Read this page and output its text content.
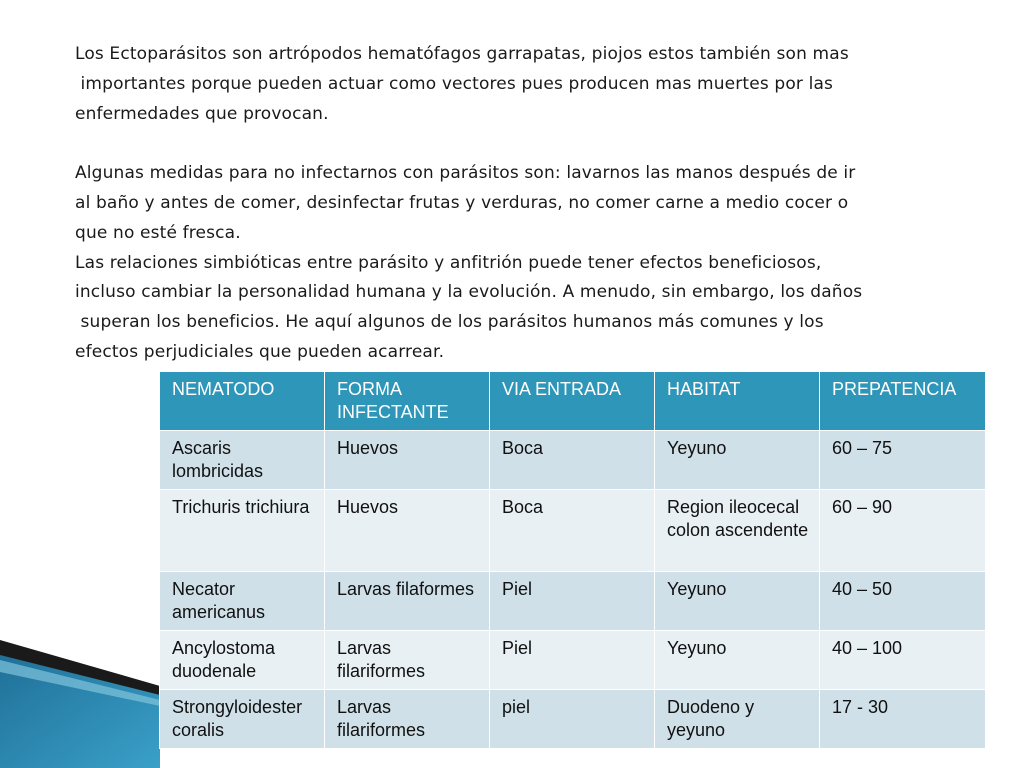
Los Ectoparásitos son artrópodos hematófagos garrapatas, piojos estos también son mas
importantes porque pueden actuar como vectores pues producen mas muertes por las
enfermedades que provocan.
Algunas medidas para no infectarnos con parásitos son: lavarnos las manos después de ir
al baño y antes de comer, desinfectar frutas y verduras, no comer carne a medio cocer o
que no esté fresca.
Las relaciones simbióticas entre parásito y anfitrión puede tener efectos beneficiosos,
incluso cambiar la personalidad humana y la evolución. A menudo, sin embargo, los daños
superan los beneficios. He aquí algunos de los parásitos humanos más comunes y los
efectos perjudiciales que pueden acarrear.
NEMATODO	FORMA INFECTANTE	VIA ENTRADA	HABITAT	PREPATENCIA
Ascaris lombricidas	Huevos	Boca	Yeyuno	60 – 75
Trichuris trichiura	Huevos	Boca	Region ileocecal colon ascendente	60 – 90
Necator americanus	Larvas filaformes	Piel	Yeyuno	40 – 50
Ancylostoma duodenale	Larvas filariformes	Piel	Yeyuno	40 – 100
Strongyloidester coralis	Larvas filariformes	piel	Duodeno y yeyuno	17 - 30
